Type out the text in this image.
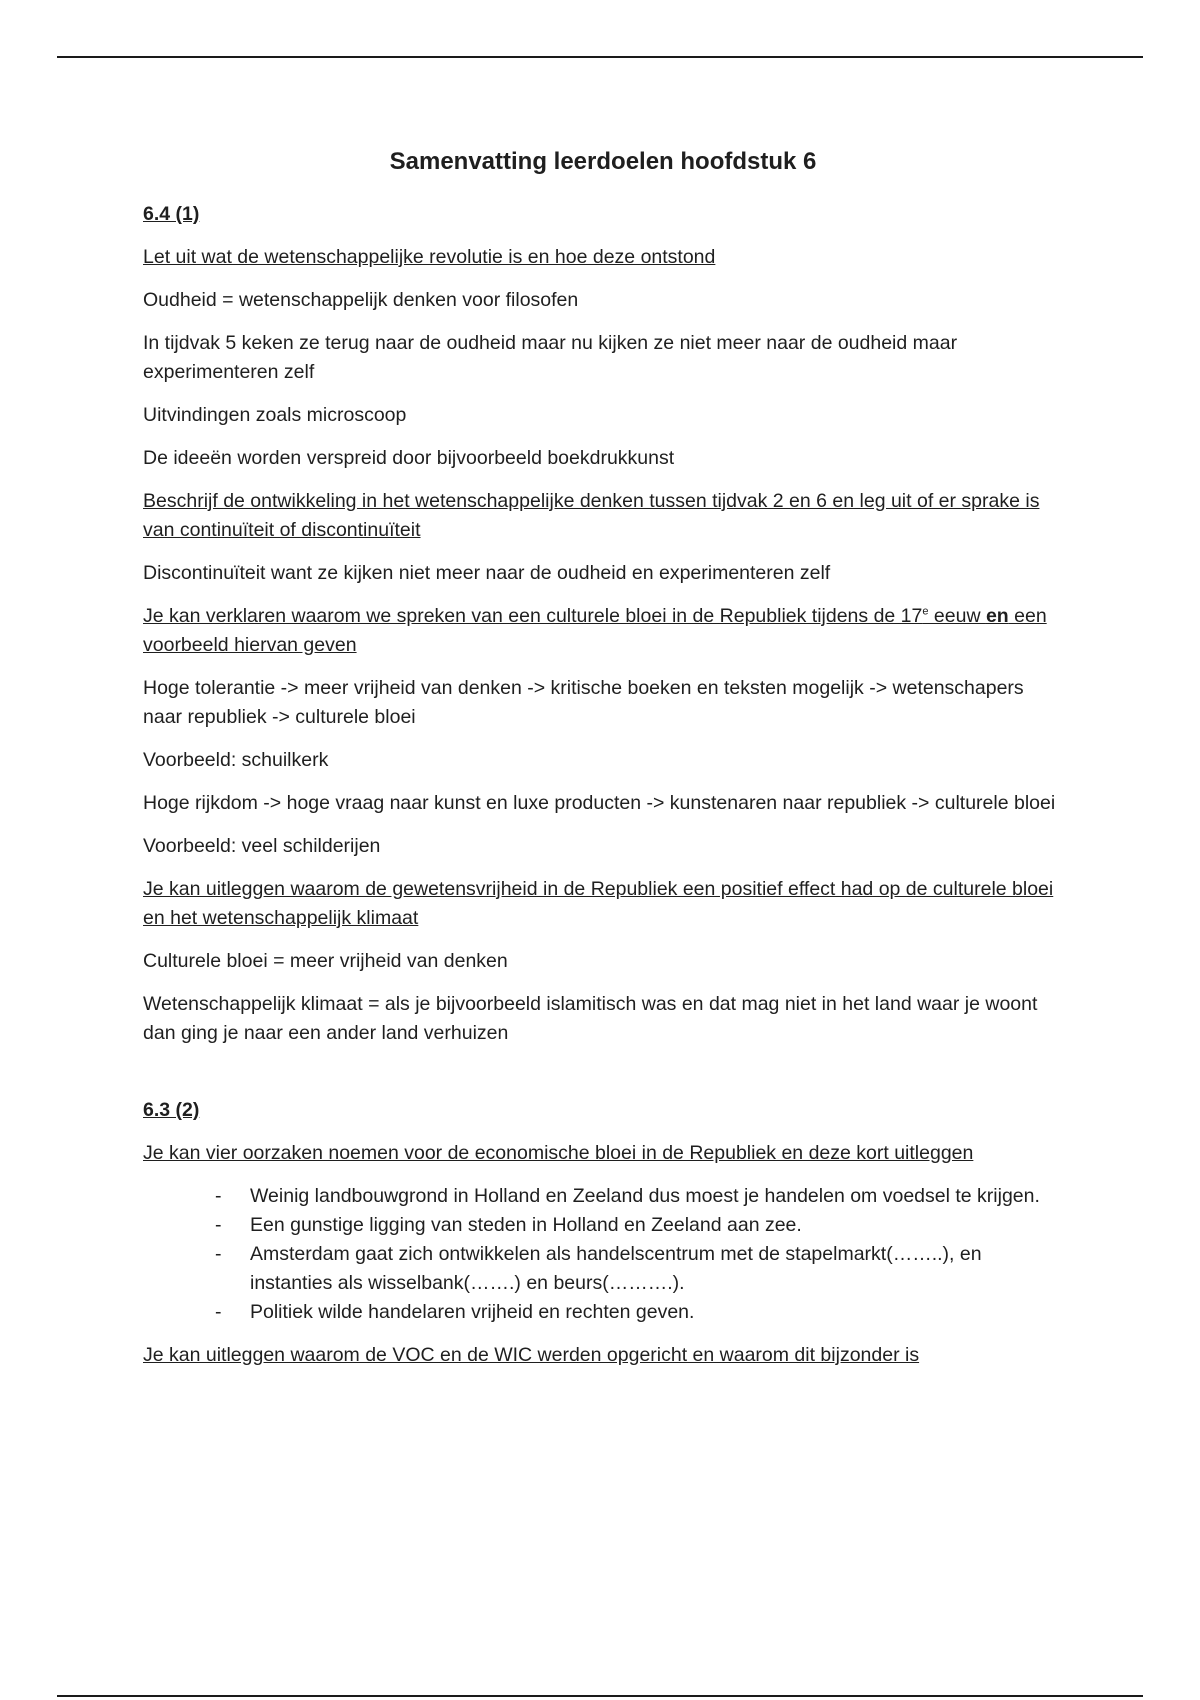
Samenvatting leerdoelen hoofdstuk 6
6.4 (1)
Let uit wat de wetenschappelijke revolutie is en hoe deze ontstond
Oudheid = wetenschappelijk denken voor filosofen
In tijdvak 5 keken ze terug naar de oudheid maar nu kijken ze niet meer naar de oudheid maar experimenteren zelf
Uitvindingen zoals microscoop
De ideeën worden verspreid door bijvoorbeeld boekdrukkunst
Beschrijf de ontwikkeling in het wetenschappelijke denken tussen tijdvak 2 en 6 en leg uit of er sprake is van continuïteit of discontinuïteit
Discontinuïteit want ze kijken niet meer naar de oudheid en experimenteren zelf
Je kan verklaren waarom we spreken van een culturele bloei in de Republiek tijdens de 17e eeuw en een voorbeeld hiervan geven
Hoge tolerantie -> meer vrijheid van denken -> kritische boeken en teksten mogelijk -> wetenschapers naar republiek -> culturele bloei
Voorbeeld: schuilkerk
Hoge rijkdom -> hoge vraag naar kunst en luxe producten -> kunstenaren naar republiek -> culturele bloei
Voorbeeld: veel schilderijen
Je kan uitleggen waarom de gewetensvrijheid in de Republiek een positief effect had op de culturele bloei en het wetenschappelijk klimaat
Culturele bloei = meer vrijheid van denken
Wetenschappelijk klimaat = als je bijvoorbeeld islamitisch was en dat mag niet in het land waar je woont dan ging je naar een ander land verhuizen
6.3 (2)
Je kan vier oorzaken noemen voor de economische bloei in de Republiek en deze kort uitleggen
- Weinig landbouwgrond in Holland en Zeeland dus moest je handelen om voedsel te krijgen.
- Een gunstige ligging van steden in Holland en Zeeland aan zee.
- Amsterdam gaat zich ontwikkelen als handelscentrum met de stapelmarkt(……..), en instanties als wisselbank(…….) en beurs(……….).
- Politiek wilde handelaren vrijheid en rechten geven.
Je kan uitleggen waarom de VOC en de WIC werden opgericht en waarom dit bijzonder is
